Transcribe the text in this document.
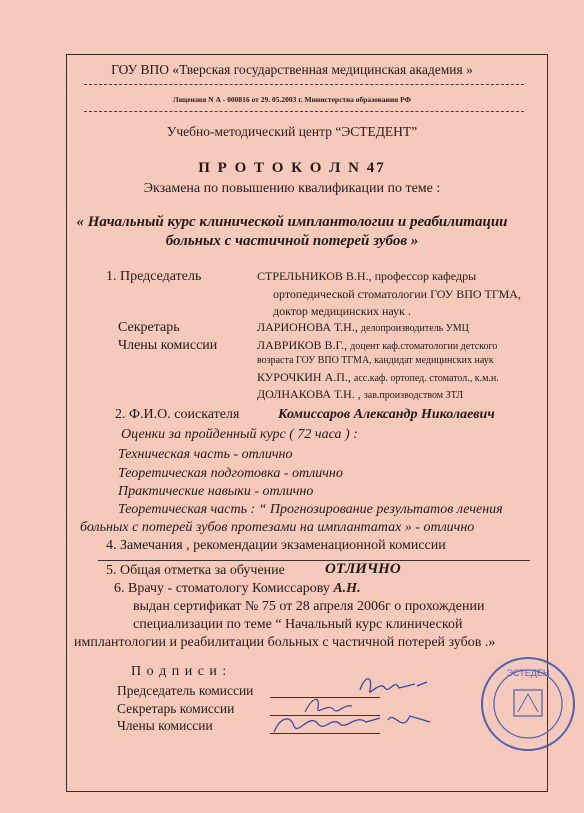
ГОУ ВПО «Тверская государственная медицинская академия »
Лицензия N А - 000816 от 29. 05.2003 г. Министерства образования РФ
Учебно-методический центр “ЭСТЕДЕНТ”
П Р О Т О К О Л N 47
Экзамена по повышению квалификации по теме :
« Начальный курс клинической имплантологии и реабилитации
больных с частичной потерей зубов »
1. Председатель	СТРЕЛЬНИКОВ В.Н., профессор кафедры
ортопедической стоматологии ГОУ ВПО ТГМА,
доктор медицинских наук .
Секретарь	ЛАРИОНОВА Т.Н., делопроизводитель УМЦ
Члены комиссии	ЛАВРИКОВ В.Г., доцент каф.стоматологии детского
возраста ГОУ ВПО ТГМА, кандидат медицинских наук
КУРОЧКИН А.П., асс.каф. ортопед. стоматол., к.м.н.
ДОЛНАКОВА Т.Н. , зав.производством ЗТЛ
2. Ф.И.О. соискателя	Комиссаров Александр Николаевич
Оценки за пройденный курс ( 72 часа ) :
Техническая часть - отлично
Теоретическая подготовка - отлично
Практические навыки - отлично
Теоретическая часть : “ Прогнозирование результатов лечения
больных с потерей зубов протезами на имплантатах » - отлично
4. Замечания , рекомендации экзаменационной комиссии
5. Общая отметка за обучение	ОТЛИЧНО
6. Врачу - стоматологу Комиссарову А.Н.
выдан сертификат № 75 от 28 апреля 2006г о прохождении
специализации по теме “ Начальный курс клинической
имплантологии и реабилитации больных с частичной потерей зубов .»
П о д п и с и :
Председатель комиссии
Секретарь комиссии
Члены комиссии
ЭСТЕДЕН
